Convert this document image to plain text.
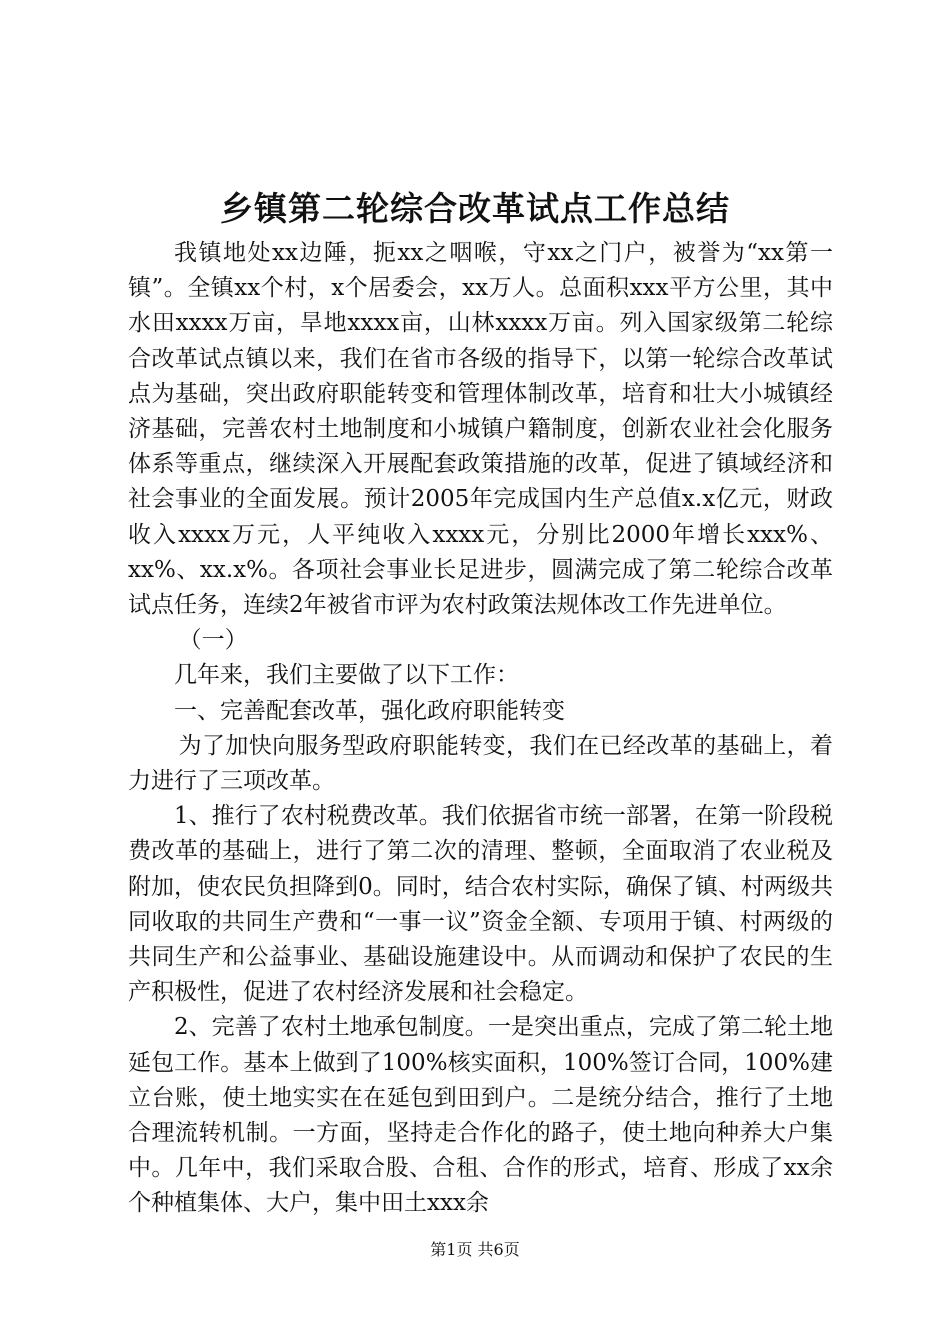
乡镇第二轮综合改革试点工作总结

我镇地处xx边陲，扼xx之咽喉，守xx之门户，被誉为“xx第一镇”。全镇xx个村，x个居委会，xx万人。总面积xxx平方公里，其中水田xxxx万亩，旱地xxxx亩，山林xxxx万亩。列入国家级第二轮综合改革试点镇以来，我们在省市各级的指导下，以第一轮综合改革试点为基础，突出政府职能转变和管理体制改革，培育和壮大小城镇经济基础，完善农村土地制度和小城镇户籍制度，创新农业社会化服务体系等重点，继续深入开展配套政策措施的改革，促进了镇域经济和社会事业的全面发展。预计2005年完成国内生产总值x.x亿元，财政收入xxxx万元，人平纯收入xxxx元，分别比2000年增长xxx%、xx%、xx.x%。各项社会事业长足进步，圆满完成了第二轮综合改革试点任务，连续2年被省市评为农村政策法规体改工作先进单位。

（一）

几年来，我们主要做了以下工作：

一、完善配套改革，强化政府职能转变

为了加快向服务型政府职能转变，我们在已经改革的基础上，着力进行了三项改革。

1、推行了农村税费改革。我们依据省市统一部署，在第一阶段税费改革的基础上，进行了第二次的清理、整顿，全面取消了农业税及附加，使农民负担降到0。同时，结合农村实际，确保了镇、村两级共同收取的共同生产费和“一事一议”资金全额、专项用于镇、村两级的共同生产和公益事业、基础设施建设中。从而调动和保护了农民的生产积极性，促进了农村经济发展和社会稳定。

2、完善了农村土地承包制度。一是突出重点，完成了第二轮土地延包工作。基本上做到了100%核实面积，100%签订合同，100%建立台账，使土地实实在在延包到田到户。二是统分结合，推行了土地合理流转机制。一方面，坚持走合作化的路子，使土地向种养大户集中。几年中，我们采取合股、合租、合作的形式，培育、形成了xx余个种植集体、大户，集中田土xxx余

第1页 共6页
